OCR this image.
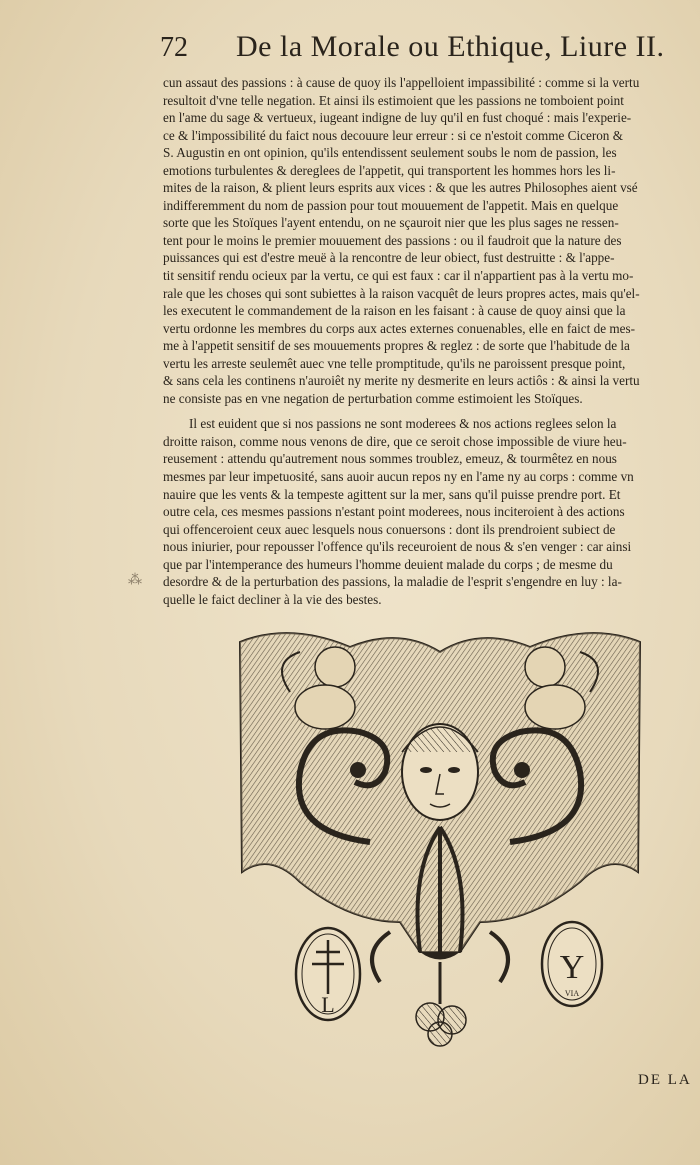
72 De la Morale ou Ethique, Liure II.
cun assaut des passions : à cause de quoy ils l'appelloient impassibilité : comme si la vertu
resultoit d'vne telle negation. Et ainsi ils estimoient que les passions ne tomboient point
en l'ame du sage & vertueux, iugeant indigne de luy qu'il en fust choqué : mais l'experie-
ce & l'impossibilité du faict nous decouure leur erreur : si ce n'estoit comme Ciceron &
S. Augustin en ont opinion, qu'ils entendissent seulement soubs le nom de passion, les
emotions turbulentes & dereglees de l'appetit, qui transportent les hommes hors les li-
mites de la raison, & plient leurs esprits aux vices : & que les autres Philosophes aient vsé
indifferemment du nom de passion pour tout mouuement de l'appetit. Mais en quelque
sorte que les Stoïques l'ayent entendu, on ne sçauroit nier que les plus sages ne ressen-
tent pour le moins le premier mouuement des passions : ou il faudroit que la nature des
puissances qui est d'estre meuë à la rencontre de leur obiect, fust destruitte : & l'appe-
tit sensitif rendu ocieux par la vertu, ce qui est faux : car il n'appartient pas à la vertu mo-
rale que les choses qui sont subiettes à la raison vacquêt de leurs propres actes, mais qu'el-
les executent le commandement de la raison en les faisant : à cause de quoy ainsi que la
vertu ordonne les membres du corps aux actes externes conuenables, elle en faict de mes-
me à l'appetit sensitif de ses mouuements propres & reglez : de sorte que l'habitude de la
vertu les arreste seulemêt auec vne telle promptitude, qu'ils ne paroissent presque point,
& sans cela les continens n'auroiêt ny merite ny desmerite en leurs actiôs : & ainsi la vertu
ne consiste pas en vne negation de perturbation comme estimoient les Stoïques.
Il est euident que si nos passions ne sont moderees & nos actions reglees selon la
droitte raison, comme nous venons de dire, que ce seroit chose impossible de viure heu-
reusement : attendu qu'autrement nous sommes troublez, emeuz, & tourmêtez en nous
mesmes par leur impetuosité, sans auoir aucun repos ny en l'ame ny au corps : comme vn
nauire que les vents & la tempeste agittent sur la mer, sans qu'il puisse prendre port. Et
outre cela, ces mesmes passions n'estant point moderees, nous inciteroient à des actions
qui offenceroient ceux auec lesquels nous conuersons : dont ils prendroient subiect de
nous iniurier, pour repousser l'offence qu'ils receuroient de nous & s'en venger : car ainsi
que par l'intemperance des humeurs l'homme deuient malade du corps ; de mesme du
desordre & de la perturbation des passions, la maladie de l'esprit s'engendre en luy : la-
quelle le faict decliner à la vie des bestes.
⁂
L
Y
VIA
DE LA
